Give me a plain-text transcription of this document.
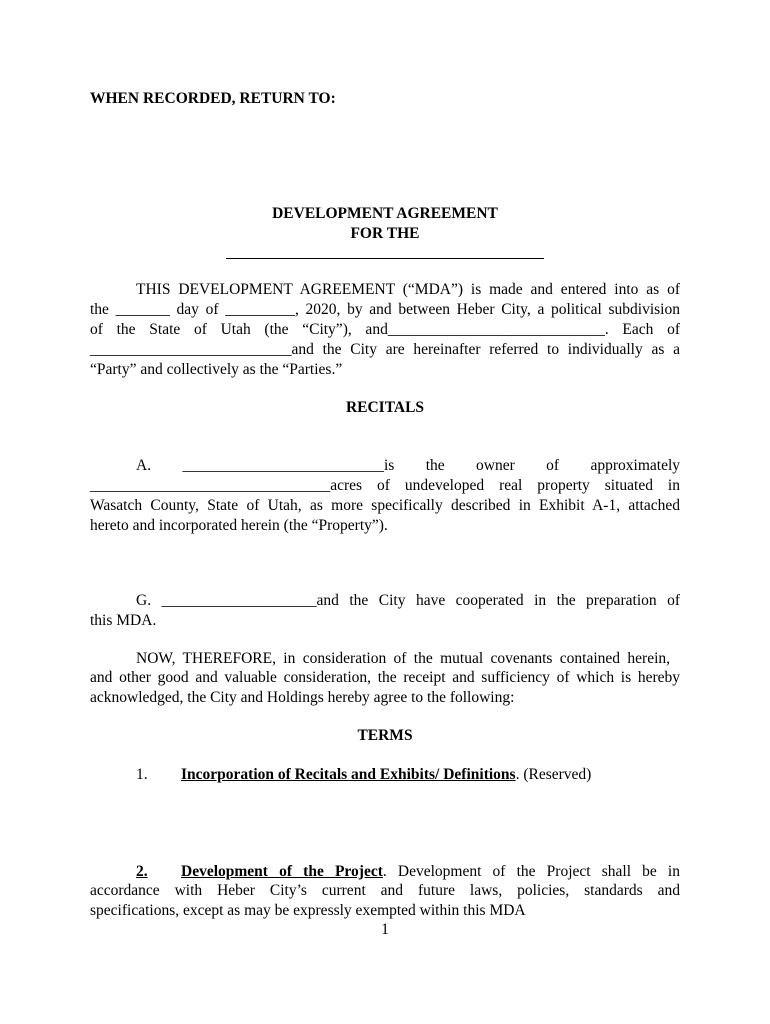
WHEN RECORDED, RETURN TO:
DEVELOPMENT AGREEMENT
FOR THE
THIS DEVELOPMENT AGREEMENT (“MDA”) is made and entered into as of
the _______ day of _________, 2020, by and between Heber City, a political subdivision
of the State of Utah (the “City”), and____________________________. Each of
__________________________and the City are hereinafter referred to individually as a
“Party” and collectively as the “Parties.”
RECITALS
A. __________________________is the owner of approximately
_______________________________acres of undeveloped real property situated in
Wasatch County, State of Utah, as more specifically described in Exhibit A-1, attached
hereto and incorporated herein (the “Property”).
G. ____________________and the City have cooperated in the preparation of
this MDA.
NOW, THEREFORE, in consideration of the mutual covenants contained herein,
and other good and valuable consideration, the receipt and sufficiency of which is hereby
acknowledged, the City and Holdings hereby agree to the following:
TERMS
1. Incorporation of Recitals and Exhibits/ Definitions. (Reserved)
2. Development of the Project. Development of the Project shall be in
accordance with Heber City’s current and future laws, policies, standards and
specifications, except as may be expressly exempted within this MDA
1
